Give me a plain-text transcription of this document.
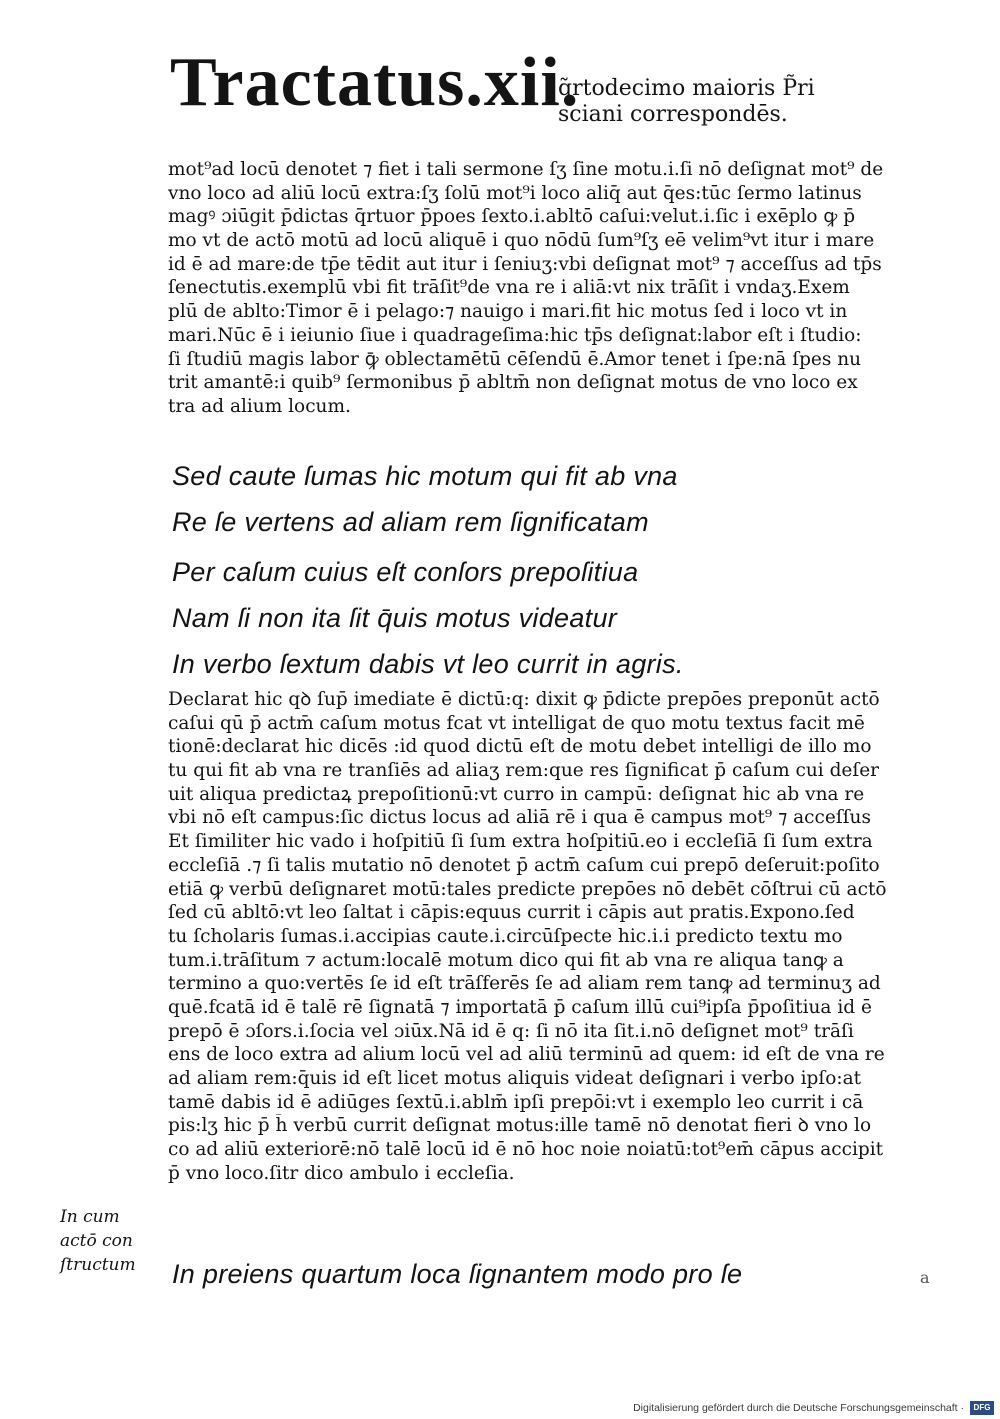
Tractatus.xii.
q̃rtodecimo maioris P̃ri
sciani correspondēs.
mot⁹ad locū denotet ⁊ fiet i tali sermone ſʒ ſine motu.i.ſi nō deſignat mot⁹ de
vno loco ad aliū locū extra:ſʒ ſolū mot⁹i loco aliq̄ aut q̄es:tūc ſermo latinus
magꝰ ɔiūgit p̄dictas q̄rtuor p̄poes ſexto.i.abltō caſui:velut.i.ſic i exēplo ꝙ p̄
mo vt de actō motū ad locū aliquē i quo nōdū ſum⁹ſʒ eē velim⁹vt itur i mare
id ē ad mare:de tp̄e tēdit aut itur i ſeniuʒ:vbi deſignat mot⁹ ⁊ acceſſus ad tp̄s
ſenectutis.exemplū vbi fit trāſit⁹de vna re i aliā:vt nix trāſit i vndaʒ.Exem
plū de ablto:Timor ē i pelago:⁊ nauigo i mari.fit hic motus ſed i loco vt in
mari.Nūc ē i ieiunio ſiue i quadrageſima:hic tp̄s deſignat:labor eſt i ſtudio:
ſi ſtudiū magis labor ꝙ̄ oblectamētū cēſendū ē.Amor tenet i ſpe:nā ſpes nu
trit amantē:i quib⁹ ſermonibus p̄ abltm̄ non deſignat motus de vno loco ex
tra ad alium locum.
Sed caute ſumas hic motum qui fit ab vna
Re ſe vertens ad aliam rem ſignificatam
Per caſum cuius eſt conſors prepoſitiua
Nam ſi non ita ſit q̄uis motus videatur
In verbo ſextum dabis vt leo currit in agris.
Declarat hic qꝺ ſup̄ imediate ē dictū:q: dixit ꝙ p̄dicte prepōes preponūt actō
caſui qū p̄ actm̄ caſum motus fcat vt intelligat de quo motu textus facit mē
tionē:declarat hic dicēs :id quod dictū eſt de motu debet intelligi de illo mo
tu qui fit ab vna re tranſiēs ad aliaʒ rem:que res ſignificat p̄ caſum cui deſer
uit aliqua predictaꝝ prepoſitionū:vt curro in campū: deſignat hic ab vna re
vbi nō eſt campus:ſic dictus locus ad aliā rē i qua ē campus mot⁹ ⁊ acceſſus
Et ſimiliter hic vado i hoſpitiū ſi ſum extra hoſpitiū.eo i eccleſiā ſi ſum extra
eccleſiā .⁊ ſi talis mutatio nō denotet p̄ actm̄ caſum cui prepō deſeruit:poſito
etiā ꝙ verbū deſignaret motū:tales predicte prepōes nō debēt cōſtrui cū actō
ſed cū abltō:vt leo ſaltat i cāpis:equus currit i cāpis aut pratis.Expono.ſed
tu ſcholaris ſumas.i.accipias caute.i.circūſpecte hic.i.i predicto textu mo
tum.i.trāſitum ⁊ actum:localē motum dico qui fit ab vna re aliqua tanꝙ a
termino a quo:vertēs ſe id eſt trāſferēs ſe ad aliam rem tanꝙ ad terminuʒ ad
quē.fcatā id ē talē rē ſignatā ⁊ importatā p̄ caſum illū cui⁹ipſa p̄poſitiua id ē
prepō ē ɔſors.i.ſocia vel ɔiūx.Nā id ē q: ſi nō ita ſit.i.nō deſignet mot⁹ trāſi
ens de loco extra ad alium locū vel ad aliū terminū ad quem: id eſt de vna re
ad aliam rem:q̄uis id eſt licet motus aliquis videat deſignari i verbo ipſo:at
tamē dabis id ē adiūges ſextū.i.ablm̄ ipſi prepōi:vt i exemplo leo currit i cā
pis:lʒ hic p̄ h̄ verbū currit deſignat motus:ille tamē nō denotat fieri ꝺ vno lo
co ad aliū exteriorē:nō talē locū id ē nō hoc noie noiatū:tot⁹em̄ cāpus accipit
p̄ vno loco.ſitr dico ambulo i eccleſia.
In preiens quartum loca ſignantem modo pro ſe
In cum
actō con
ſtructum
a
Digitalisierung gefördert durch die Deutsche Forschungsgemeinschaft ·	DFG
